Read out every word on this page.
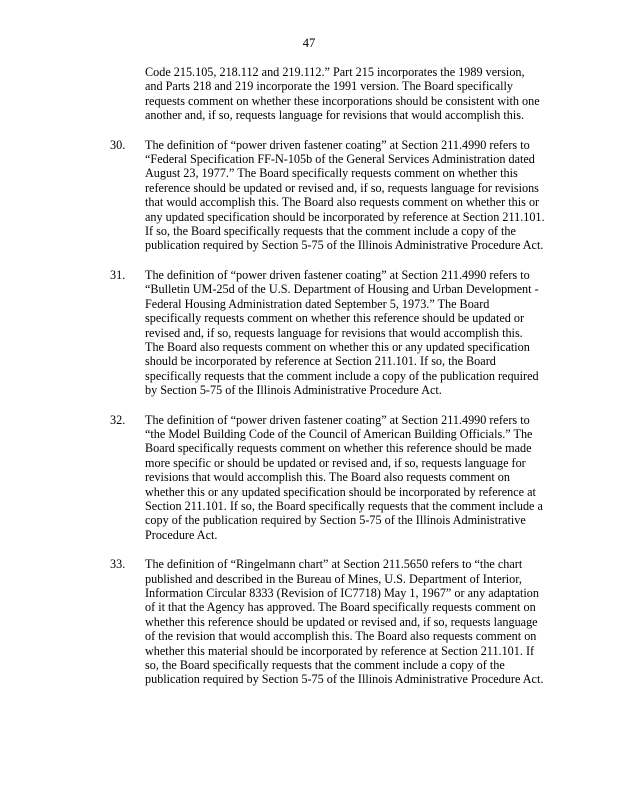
47
Code 215.105, 218.112 and 219.112.” Part 215 incorporates the 1989 version,
and Parts 218 and 219 incorporate the 1991 version. The Board specifically
requests comment on whether these incorporations should be consistent with one
another and, if so, requests language for revisions that would accomplish this.
30. The definition of “power driven fastener coating” at Section 211.4990 refers to
“Federal Specification FF-N-105b of the General Services Administration dated
August 23, 1977.” The Board specifically requests comment on whether this
reference should be updated or revised and, if so, requests language for revisions
that would accomplish this. The Board also requests comment on whether this or
any updated specification should be incorporated by reference at Section 211.101.
If so, the Board specifically requests that the comment include a copy of the
publication required by Section 5-75 of the Illinois Administrative Procedure Act.
31. The definition of “power driven fastener coating” at Section 211.4990 refers to
“Bulletin UM-25d of the U.S. Department of Housing and Urban Development -
Federal Housing Administration dated September 5, 1973.” The Board
specifically requests comment on whether this reference should be updated or
revised and, if so, requests language for revisions that would accomplish this.
The Board also requests comment on whether this or any updated specification
should be incorporated by reference at Section 211.101. If so, the Board
specifically requests that the comment include a copy of the publication required
by Section 5-75 of the Illinois Administrative Procedure Act.
32. The definition of “power driven fastener coating” at Section 211.4990 refers to
“the Model Building Code of the Council of American Building Officials.” The
Board specifically requests comment on whether this reference should be made
more specific or should be updated or revised and, if so, requests language for
revisions that would accomplish this. The Board also requests comment on
whether this or any updated specification should be incorporated by reference at
Section 211.101. If so, the Board specifically requests that the comment include a
copy of the publication required by Section 5-75 of the Illinois Administrative
Procedure Act.
33. The definition of “Ringelmann chart” at Section 211.5650 refers to “the chart
published and described in the Bureau of Mines, U.S. Department of Interior,
Information Circular 8333 (Revision of IC7718) May 1, 1967” or any adaptation
of it that the Agency has approved. The Board specifically requests comment on
whether this reference should be updated or revised and, if so, requests language
of the revision that would accomplish this. The Board also requests comment on
whether this material should be incorporated by reference at Section 211.101. If
so, the Board specifically requests that the comment include a copy of the
publication required by Section 5-75 of the Illinois Administrative Procedure Act.
